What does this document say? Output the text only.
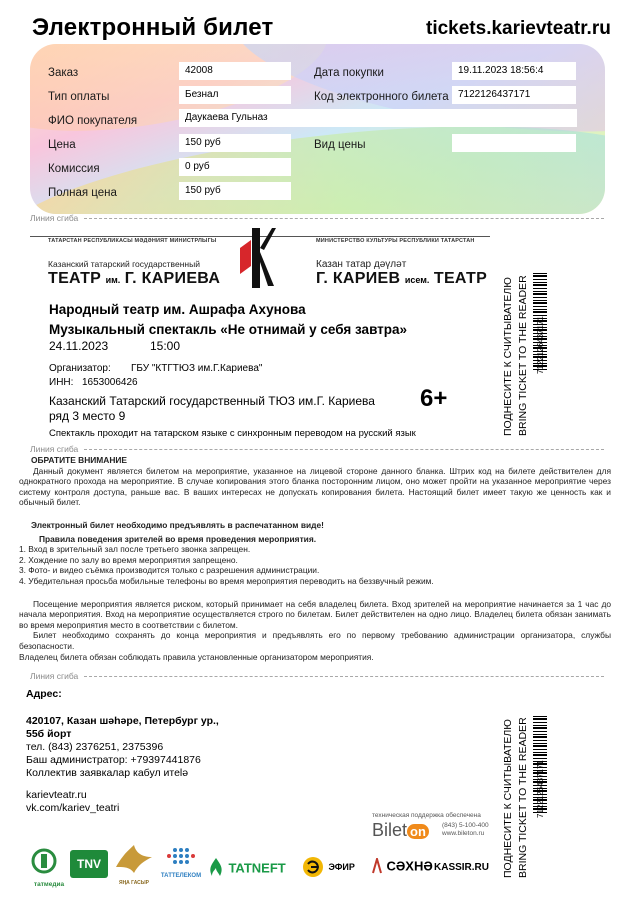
Электронный билет	tickets.karievteatr.ru
Заказ	42008	Дата покупки	19.11.2023 18:56:4
Тип оплаты	Безнал	Код электронного билета 7122126437171
ФИО покупателя	Даукаева Гульназ
Цена	150 руб	Вид цены
Комиссия	0 руб
Полная цена	150 руб
Линия сгиба
ТАТАРСТАН РЕСПУБЛИКАСЫ МӘДӘНИЯТ МИНИСТРЛЫГЫ
Казанский татарский государственный
ТЕАТР им. Г. КАРИЕВА
МИНИСТЕРСТВО КУЛЬТУРЫ РЕСПУБЛИКИ ТАТАРСТАН
Казан татар дәүләт
Г. КАРИЕВ исем. ТЕАТР
Народный театр им. Ашрафа Ахунова
Музыкальный спектакль «Не отнимай у себя завтра»
24.11.2023	15:00
Организатор: ГБУ "КТГТЮЗ им.Г.Кариева"
ИНН: 1653006426
Казанский Татарский государственный ТЮЗ им.Г. Кариева
ряд 3 место 9
6+
Спектакль проходит на татарском языке с синхронным переводом на русский язык	ПОДНЕСИТЕ К СЧИТЫВАТЕЛЮ BRING TICKET TO THE READER 7122126437171
Линия сгиба

ОБРАТИТЕ ВНИМАНИЕ

Данный документ является билетом на мероприятие, указанное на лицевой стороне данного бланка. Штрих код на билете действителен для однократного прохода на мероприятие. В случае копирования этого бланка посторонним лицом, оно может пройти на указанное мероприятие через систему контроля доступа, раньше вас. В ваших интересах не допускать копирования билета. Настоящий билет имеет такую же ценность как и обычный билет.

Электронный билет необходимо предъявлять в распечатанном виде!

Правила поведения зрителей во время проведения мероприятия.

1. Вход в зрительный зал после третьего звонка запрещен.

2. Хождение по залу во время мероприятия запрещено.

3. Фото- и видео съёмка производится только с разрешения администрации.

4. Убедительная просьба мобильные телефоны во время мероприятия переводить на беззвучный режим.

Посещение мероприятия является риском, который принимает на себя владелец билета. Вход зрителей на мероприятие начинается за 1 час до начала мероприятия. Вход на мероприятие осуществляется строго по билетам. Билет действителен на одно лицо. Владелец билета обязан занимать во время мероприятия место в соответствии с билетом.

Билет необходимо сохранять до конца мероприятия и предъявлять его по первому требованию администрации организатора, службы безопасности.

Владелец билета обязан соблюдать правила установленные организатором мероприятия.

Линия сгиба
Адрес:
420107, Казан шәһәре, Петербург ур.,
55б йорт
тел. (843) 2376251, 2375396
Баш администратор: +79397441876
Коллектив заявкалар кабул итеlә
karievteatr.ru
vk.com/kariev_teatri
техническая поддержка обеспечена
Bilet on	(843) 5-100-400
www.bileton.ru ПОДНЕСИТЕ К СЧИТЫВАТЕЛЮ BRING TICKET TO THE READER 7122126437171
татмедиа
TNV
ЯҢА ГАСЫР
ТАТТЕЛЕКОМ
TATNEFT	ЭФИР	СӘХНӘ KASSIR.RU
